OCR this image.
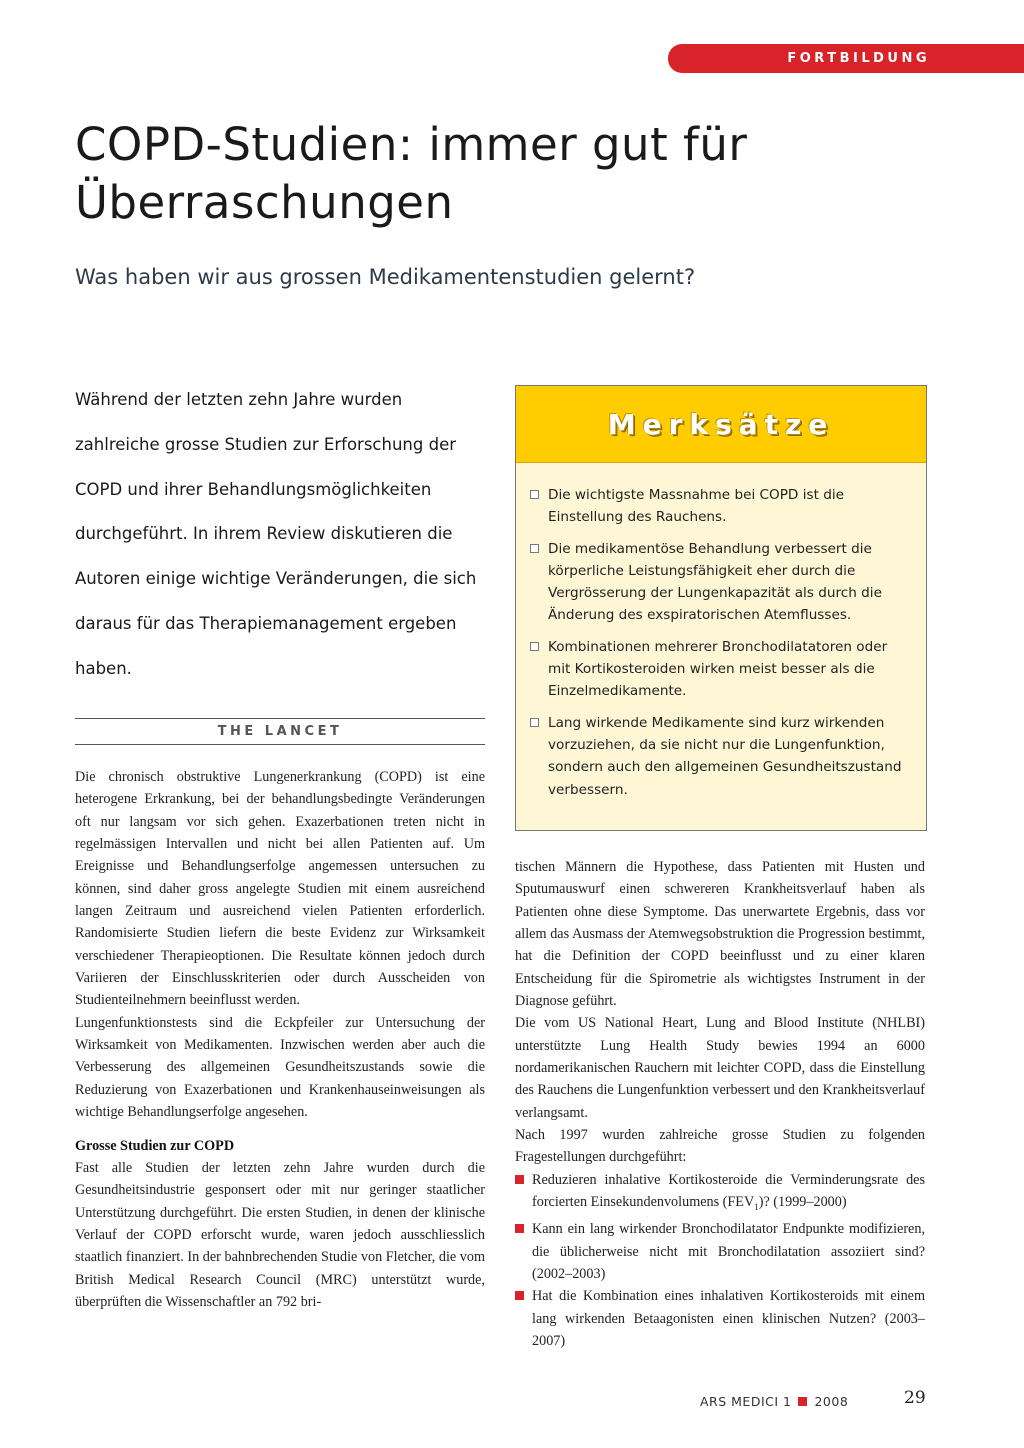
FORTBILDUNG
COPD-Studien: immer gut für
Überraschungen
Was haben wir aus grossen Medikamentenstudien gelernt?

Während der letzten zehn Jahre wurden zahlreiche grosse Studien zur Erforschung der COPD und ihrer Behandlungsmöglichkeiten durchgeführt. In ihrem Review diskutieren die Autoren einige wichtige Veränderungen, die sich daraus für das Therapiemanagement ergeben haben.

THE LANCET

Die chronisch obstruktive Lungenerkrankung (COPD) ist eine heterogene Erkrankung, bei der behandlungsbedingte Veränderungen oft nur langsam vor sich gehen. Exazerbationen treten nicht in regelmässigen Intervallen und nicht bei allen Patienten auf. Um Ereignisse und Behandlungserfolge angemessen untersuchen zu können, sind daher gross angelegte Studien mit einem ausreichend langen Zeitraum und ausreichend vielen Patienten erforderlich. Randomisierte Studien liefern die beste Evidenz zur Wirksamkeit verschiedener Therapieoptionen. Die Resultate können jedoch durch Variieren der Einschlusskriterien oder durch Ausscheiden von Studienteilnehmern beeinflusst werden.

Lungenfunktionstests sind die Eckpfeiler zur Untersuchung der Wirksamkeit von Medikamenten. Inzwischen werden aber auch die Verbesserung des allgemeinen Gesundheitszustands sowie die Reduzierung von Exazerbationen und Krankenhauseinweisungen als wichtige Behandlungserfolge angesehen.

Grosse Studien zur COPD

Fast alle Studien der letzten zehn Jahre wurden durch die Gesundheitsindustrie gesponsert oder mit nur geringer staatlicher Unterstützung durchgeführt. Die ersten Studien, in denen der klinische Verlauf der COPD erforscht wurde, waren jedoch ausschliesslich staatlich finanziert. In der bahnbrechenden Studie von Fletcher, die vom British Medical Research Council (MRC) unterstützt wurde, überprüften die Wissenschaftler an 792 bri-

Merksätze
Die wichtigste Massnahme bei COPD ist die Einstellung des Rauchens.
Die medikamentöse Behandlung verbessert die körperliche Leistungsfähigkeit eher durch die Vergrösserung der Lungenkapazität als durch die Änderung des exspiratorischen Atemflusses.
Kombinationen mehrerer Bronchodilatatoren oder mit Kortikosteroiden wirken meist besser als die Einzelmedikamente.
Lang wirkende Medikamente sind kurz wirkenden vorzuziehen, da sie nicht nur die Lungenfunktion, sondern auch den allgemeinen Gesundheitszustand verbessern.

tischen Männern die Hypothese, dass Patienten mit Husten und Sputumauswurf einen schwereren Krankheitsverlauf haben als Patienten ohne diese Symptome. Das unerwartete Ergebnis, dass vor allem das Ausmass der Atemwegsobstruktion die Progression bestimmt, hat die Definition der COPD beeinflusst und zu einer klaren Entscheidung für die Spirometrie als wichtigstes Instrument in der Diagnose geführt.

Die vom US National Heart, Lung and Blood Institute (NHLBI) unterstützte Lung Health Study bewies 1994 an 6000 nordamerikanischen Rauchern mit leichter COPD, dass die Einstellung des Rauchens die Lungenfunktion verbessert und den Krankheitsverlauf verlangsamt.

Nach 1997 wurden zahlreiche grosse Studien zu folgenden Fragestellungen durchgeführt:

Reduzieren inhalative Kortikosteroide die Verminderungsrate des forcierten Einsekundenvolumens $(FEV_1)$? (1999–2000)
Kann ein lang wirkender Bronchodilatator Endpunkte modifizieren, die üblicherweise nicht mit Bronchodilatation assoziiert sind? (2002–2003)
Hat die Kombination eines inhalativen Kortikosteroids mit einem lang wirkenden Betaagonisten einen klinischen Nutzen? (2003–2007)
ARS MEDICI 1 2008	29
